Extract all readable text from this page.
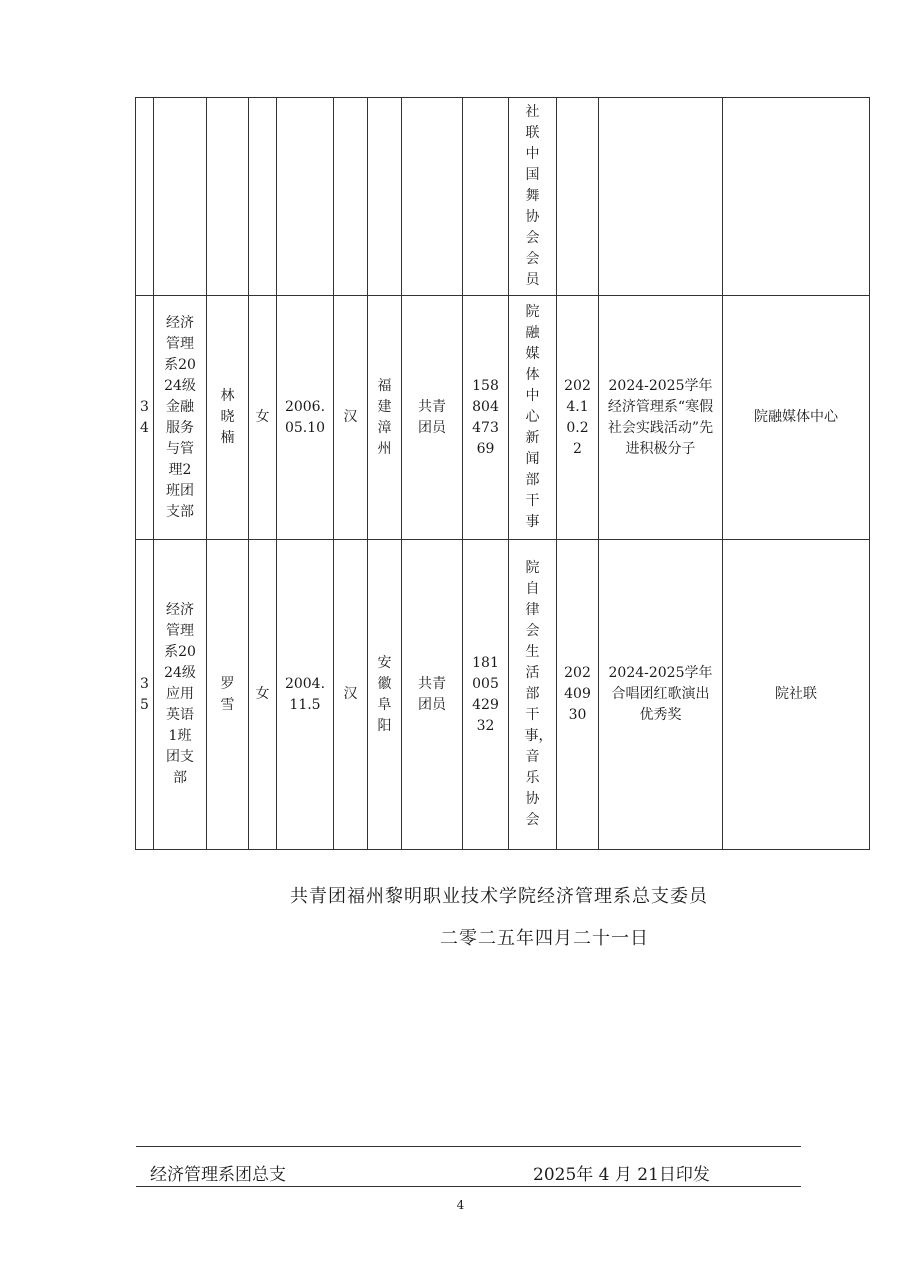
									社联中国舞协会会员		

34	经济管理系2024级金融服务与管理2班团支部	林晓楠	女	2006.05.10	汉	福建漳州	共青团员	15880447369	院融媒体中心新闻部干事	2024.10.22	2024-2025学年经济管理系“寒假社会实践活动”先进积极分子	院融媒体中心

35	经济管理系2024级应用英语1班团支部	罗雪	女	2004.11.5	汉	安徽阜阳	共青团员	18100542932	院自律会生活部干事，音乐协会	20240930	2024-2025学年合唱团红歌演出优秀奖	院社联
共青团福州黎明职业技术学院经济管理系总支委员
二零二五年四月二十一日
经济管理系团总支	2025年 4 月 21日印发
4
